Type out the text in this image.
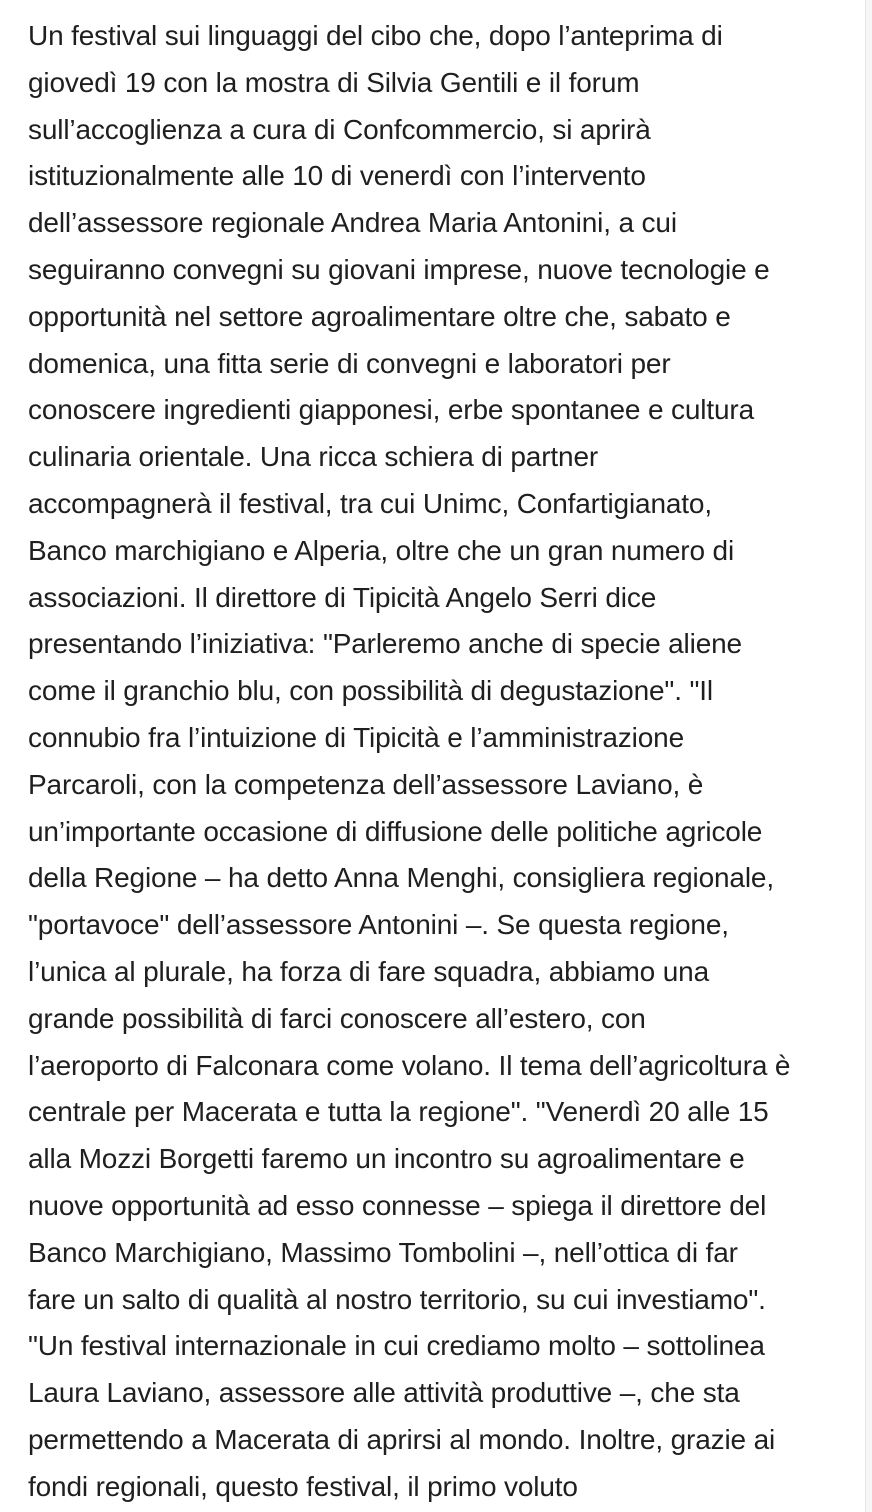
Un festival sui linguaggi del cibo che, dopo l’anteprima di
giovedì 19 con la mostra di Silvia Gentili e il forum
sull’accoglienza a cura di Confcommercio, si aprirà
istituzionalmente alle 10 di venerdì con l’intervento
dell’assessore regionale Andrea Maria Antonini, a cui
seguiranno convegni su giovani imprese, nuove tecnologie e
opportunità nel settore agroalimentare oltre che, sabato e
domenica, una fitta serie di convegni e laboratori per
conoscere ingredienti giapponesi, erbe spontanee e cultura
culinaria orientale. Una ricca schiera di partner
accompagnerà il festival, tra cui Unimc, Confartigianato,
Banco marchigiano e Alperia, oltre che un gran numero di
associazioni. Il direttore di Tipicità Angelo Serri dice
presentando l’iniziativa: "Parleremo anche di specie aliene
come il granchio blu, con possibilità di degustazione". "Il
connubio fra l’intuizione di Tipicità e l’amministrazione
Parcaroli, con la competenza dell’assessore Laviano, è
un’importante occasione di diffusione delle politiche agricole
della Regione – ha detto Anna Menghi, consigliera regionale,
"portavoce" dell’assessore Antonini –. Se questa regione,
l’unica al plurale, ha forza di fare squadra, abbiamo una
grande possibilità di farci conoscere all’estero, con
l’aeroporto di Falconara come volano. Il tema dell’agricoltura è
centrale per Macerata e tutta la regione". "Venerdì 20 alle 15
alla Mozzi Borgetti faremo un incontro su agroalimentare e
nuove opportunità ad esso connesse – spiega il direttore del
Banco Marchigiano, Massimo Tombolini –, nell’ottica di far
fare un salto di qualità al nostro territorio, su cui investiamo".
"Un festival internazionale in cui crediamo molto – sottolinea
Laura Laviano, assessore alle attività produttive –, che sta
permettendo a Macerata di aprirsi al mondo. Inoltre, grazie ai
fondi regionali, questo festival, il primo voluto
